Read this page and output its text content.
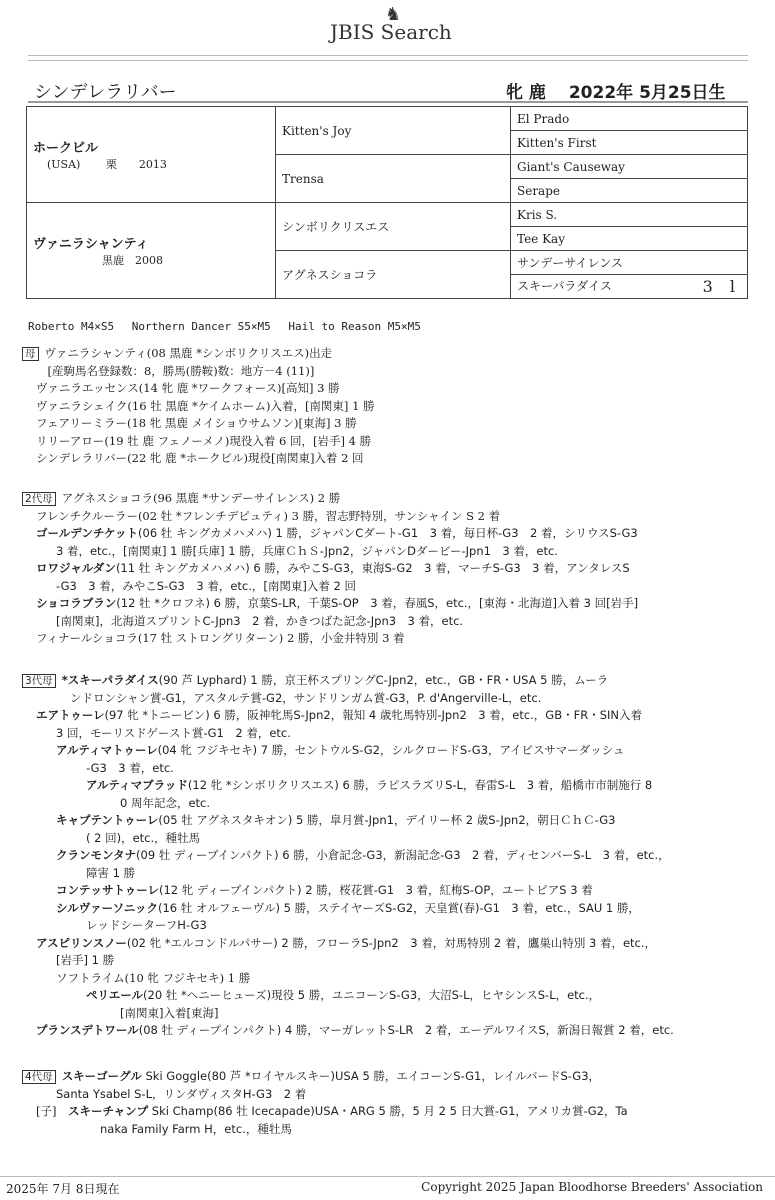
JBIS Search
♞
シンデレラリバー	牝 鹿　 2022年 5月25日生
ホークビル
(USA)　　 栗　　2013	Kitten's Joy	El Prado
		Kitten's First
	Trensa	Giant's Causeway
		Serape

ヴァニラシャンティ
　　　　　黒鹿　2008	シンボリクリスエス	Kris S.
		Tee Kay
	アグネスショコラ	サンデーサイレンス
		スキーパラダイス 3 l
Roberto M4×S5　 Northern Dancer S5×M5　 Hail to Reason M5×M5
母 ヴァニラシャンティ(08 黒鹿 *シンボリクリスエス)出走
　[産駒馬名登録数：8，勝馬(勝鞍)数：地方－4 (11)]
ヴァニラエッセンス(14 牝 鹿 *ワークフォース)[高知] 3 勝
ヴァニラシェイク(16 牡 黒鹿 *ケイムホーム)入着，[南関東] 1 勝
フェアリーミラー(18 牝 黒鹿 メイショウサムソン)[東海] 3 勝
リリーアロー(19 牡 鹿 フェノーメノ)現役入着 6 回，[岩手] 4 勝
シンデレラリバー(22 牝 鹿 *ホークビル)現役[南関東]入着 2 回
2代母 アグネスショコラ(96 黒鹿 *サンデーサイレンス) 2 勝
フレンチクルーラー(02 牡 *フレンチデピュティ) 3 勝，習志野特別，サンシャイン S 2 着
ゴールデンチケット(06 牡 キングカメハメハ) 1 勝，ジャパンCダート-G1　3 着，毎日杯-G3　2 着，シリウスS-G3
3 着，etc.，[南関東] 1 勝[兵庫] 1 勝，兵庫ＣｈＳ-Jpn2，ジャパンDダービー-Jpn1　3 着，etc.
ロワジャルダン(11 牡 キングカメハメハ) 6 勝，みやこS-G3，東海S-G2　3 着，マーチS-G3　3 着，アンタレスS
-G3　3 着，みやこS-G3　3 着，etc.，[南関東]入着 2 回
ショコラブラン(12 牡 *クロフネ) 6 勝，京葉S-LR，千葉S-OP　3 着，春風S，etc.，[東海・北海道]入着 3 回[岩手]
[南関東]，北海道スプリントC-Jpn3　2 着，かきつばた記念-Jpn3　3 着，etc.
フィナールショコラ(17 牡 ストロングリターン) 2 勝，小金井特別 3 着
3代母 *スキーパラダイス(90 芦 Lyphard) 1 勝，京王杯スプリングC-Jpn2，etc.，GB・FR・USA 5 勝，ムーラ
ンドロンシャン賞-G1，アスタルテ賞-G2，サンドリンガム賞-G3，P. d'Angerville-L，etc.
エアトゥーレ(97 牝 *トニービン) 6 勝，阪神牝馬S-Jpn2，報知 4 歳牝馬特別-Jpn2　3 着，etc.，GB・FR・SIN入着
3 回，モーリスドゲースト賞-G1　2 着，etc.
アルティマトゥーレ(04 牝 フジキセキ) 7 勝，セントウルS-G2，シルクロードS-G3，アイビスサマーダッシュ
-G3　3 着，etc.
アルティマブラッド(12 牝 *シンボリクリスエス) 6 勝，ラピスラズリS-L，春雷S-L　3 着，船橋市市制施行 8
0 周年記念，etc.
キャプテントゥーレ(05 牡 アグネスタキオン) 5 勝，皐月賞-Jpn1，デイリー杯 2 歳S-Jpn2，朝日ＣｈＣ-G3
( 2 回)，etc.，種牡馬
クランモンタナ(09 牡 ディープインパクト) 6 勝，小倉記念-G3，新潟記念-G3　2 着，ディセンバーS-L　3 着，etc.，
障害 1 勝
コンテッサトゥーレ(12 牝 ディープインパクト) 2 勝，桜花賞-G1　3 着，紅梅S-OP，ユートピアS 3 着
シルヴァーソニック(16 牡 オルフェーヴル) 5 勝，ステイヤーズS-G2，天皇賞(春)-G1　3 着，etc.，SAU 1 勝，
レッドシーターフH-G3
アスピリンスノー(02 牝 *エルコンドルパサー) 2 勝，フローラS-Jpn2　3 着，対馬特別 2 着，鷹巣山特別 3 着，etc.，
[岩手] 1 勝
ソフトライム(10 牝 フジキセキ) 1 勝
ペリエール(20 牡 *ヘニーヒューズ)現役 5 勝，ユニコーンS-G3，大沼S-L，ヒヤシンスS-L，etc.，
[南関東]入着[東海]
プランスデトワール(08 牡 ディープインパクト) 4 勝，マーガレットS-LR　2 着，エーデルワイスS，新潟日報賞 2 着，etc.
4代母 スキーゴーグル Ski Goggle(80 芦 *ロイヤルスキー)USA 5 勝，エイコーンS-G1，レイルバードS-G3，
Santa Ysabel S-L，リンダヴィスタH-G3　2 着
[子]　 スキーチャンプ Ski Champ(86 牡 Icecapade)USA・ARG 5 勝，5 月 2 5 日大賞-G1，アメリカ賞-G2，Ta
naka Family Farm H，etc.，種牡馬
2025年 7月 8日現在	Copyright 2025 Japan Bloodhorse Breeders' Association
